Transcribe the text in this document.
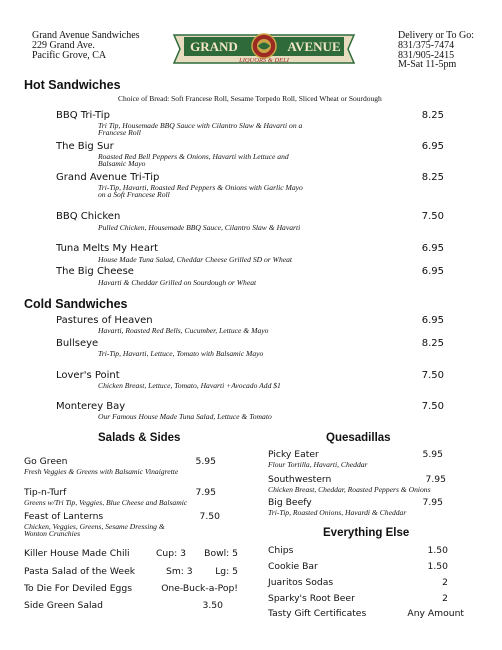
Grand Avenue Sandwiches
229 Grand Ave.
Pacific Grove, CA
GRAND	AVENUE
LIQUORS & DELI
Delivery or To Go:
831/375-7474
831/905-2415
M-Sat 11-5pm
Hot Sandwiches
Choice of Bread: Soft Francese Roll, Sesame Torpedo Roll, Sliced Wheat or Sourdough
BBQ Tri-Tip	8.25
Tri Tip, Housemade BBQ Sauce with Cilantro Slaw & Havarti on a
Francese Roll
The Big Sur	6.95
Roasted Red Bell Peppers & Onions, Havarti with Lettuce and
Balsamic Mayo
Grand Avenue Tri-Tip	8.25
Tri-Tip, Havarti, Roasted Red Peppers & Onions with Garlic Mayo
on a Soft Francese Roll
BBQ Chicken	7.50
Pulled Chicken, Housemade BBQ Sauce, Cilantro Slaw & Havarti
Tuna Melts My Heart	6.95
House Made Tuna Salad, Cheddar Cheese Grilled SD or Wheat
The Big Cheese	6.95
Havarti & Cheddar Grilled on Sourdough or Wheat
Cold Sandwiches
Pastures of Heaven	6.95
Havarti, Roasted Red Bells, Cucumber, Lettuce & Mayo
Bullseye	8.25
Tri-Tip, Havarti, Lettuce, Tomato with Balsamic Mayo
Lover's Point	7.50
Chicken Breast, Lettuce, Tomato, Havarti +Avocado Add $1
Monterey Bay	7.50
Our Famous House Made Tuna Salad, Lettuce & Tomato
Salads & Sides
Go Green	5.95
Fresh Veggies & Greens with Balsamic Vinaigrette
Tip-n-Turf	7.95
Greens w/Tri Tip, Veggies, Blue Cheese and Balsamic
Feast of Lanterns	7.50
Chicken, Veggies, Greens, Sesame Dressing &
Wonton Crunchies
Killer House Made Chili	Cup: 3	Bowl: 5
Pasta Salad of the Week	Sm: 3	Lg: 5
To Die For Deviled Eggs	One-Buck-a-Pop!
Side Green Salad	3.50
Quesadillas
Picky Eater	5.95
Flour Tortilla, Havarti, Cheddar
Southwestern	7.95
Chicken Breast, Cheddar, Roasted Peppers & Onions
Big Beefy	7.95
Tri-Tip, Roasted Onions, Havardi & Cheddar
Everything Else
Chips	1.50
Cookie Bar	1.50
Juaritos Sodas	2
Sparky's Root Beer	2
Tasty Gift Certificates	Any Amount
